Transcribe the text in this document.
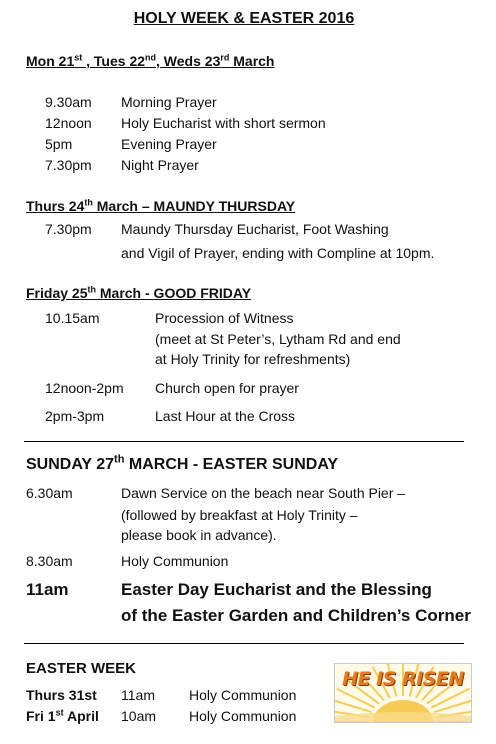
HOLY WEEK & EASTER 2016
Mon 21st , Tues 22nd, Weds 23rd March
9.30am Morning Prayer
12noon Holy Eucharist with short sermon
5pm	Evening Prayer
7.30pm Night Prayer
Thurs 24th March – MAUNDY THURSDAY
7.30pm Maundy Thursday Eucharist, Foot Washing
and Vigil of Prayer, ending with Compline at 10pm.
Friday 25th March - GOOD FRIDAY
10.15am	Procession of Witness
(meet at St Peter’s, Lytham Rd and end
at Holy Trinity for refreshments)
12noon-2pm Church open for prayer
2pm-3pm	Last Hour at the Cross
SUNDAY 27th MARCH - EASTER SUNDAY
6.30am	Dawn Service on the beach near South Pier –
(followed by breakfast at Holy Trinity –
please book in advance).
8.30am	Holy Communion
11am	Easter Day Eucharist and the Blessing
of the Easter Garden and Children’s Corner
EASTER WEEK
Thurs 31st 11am Holy Communion
Fri 1st April 10am Holy Communion
HE IS RISEN
